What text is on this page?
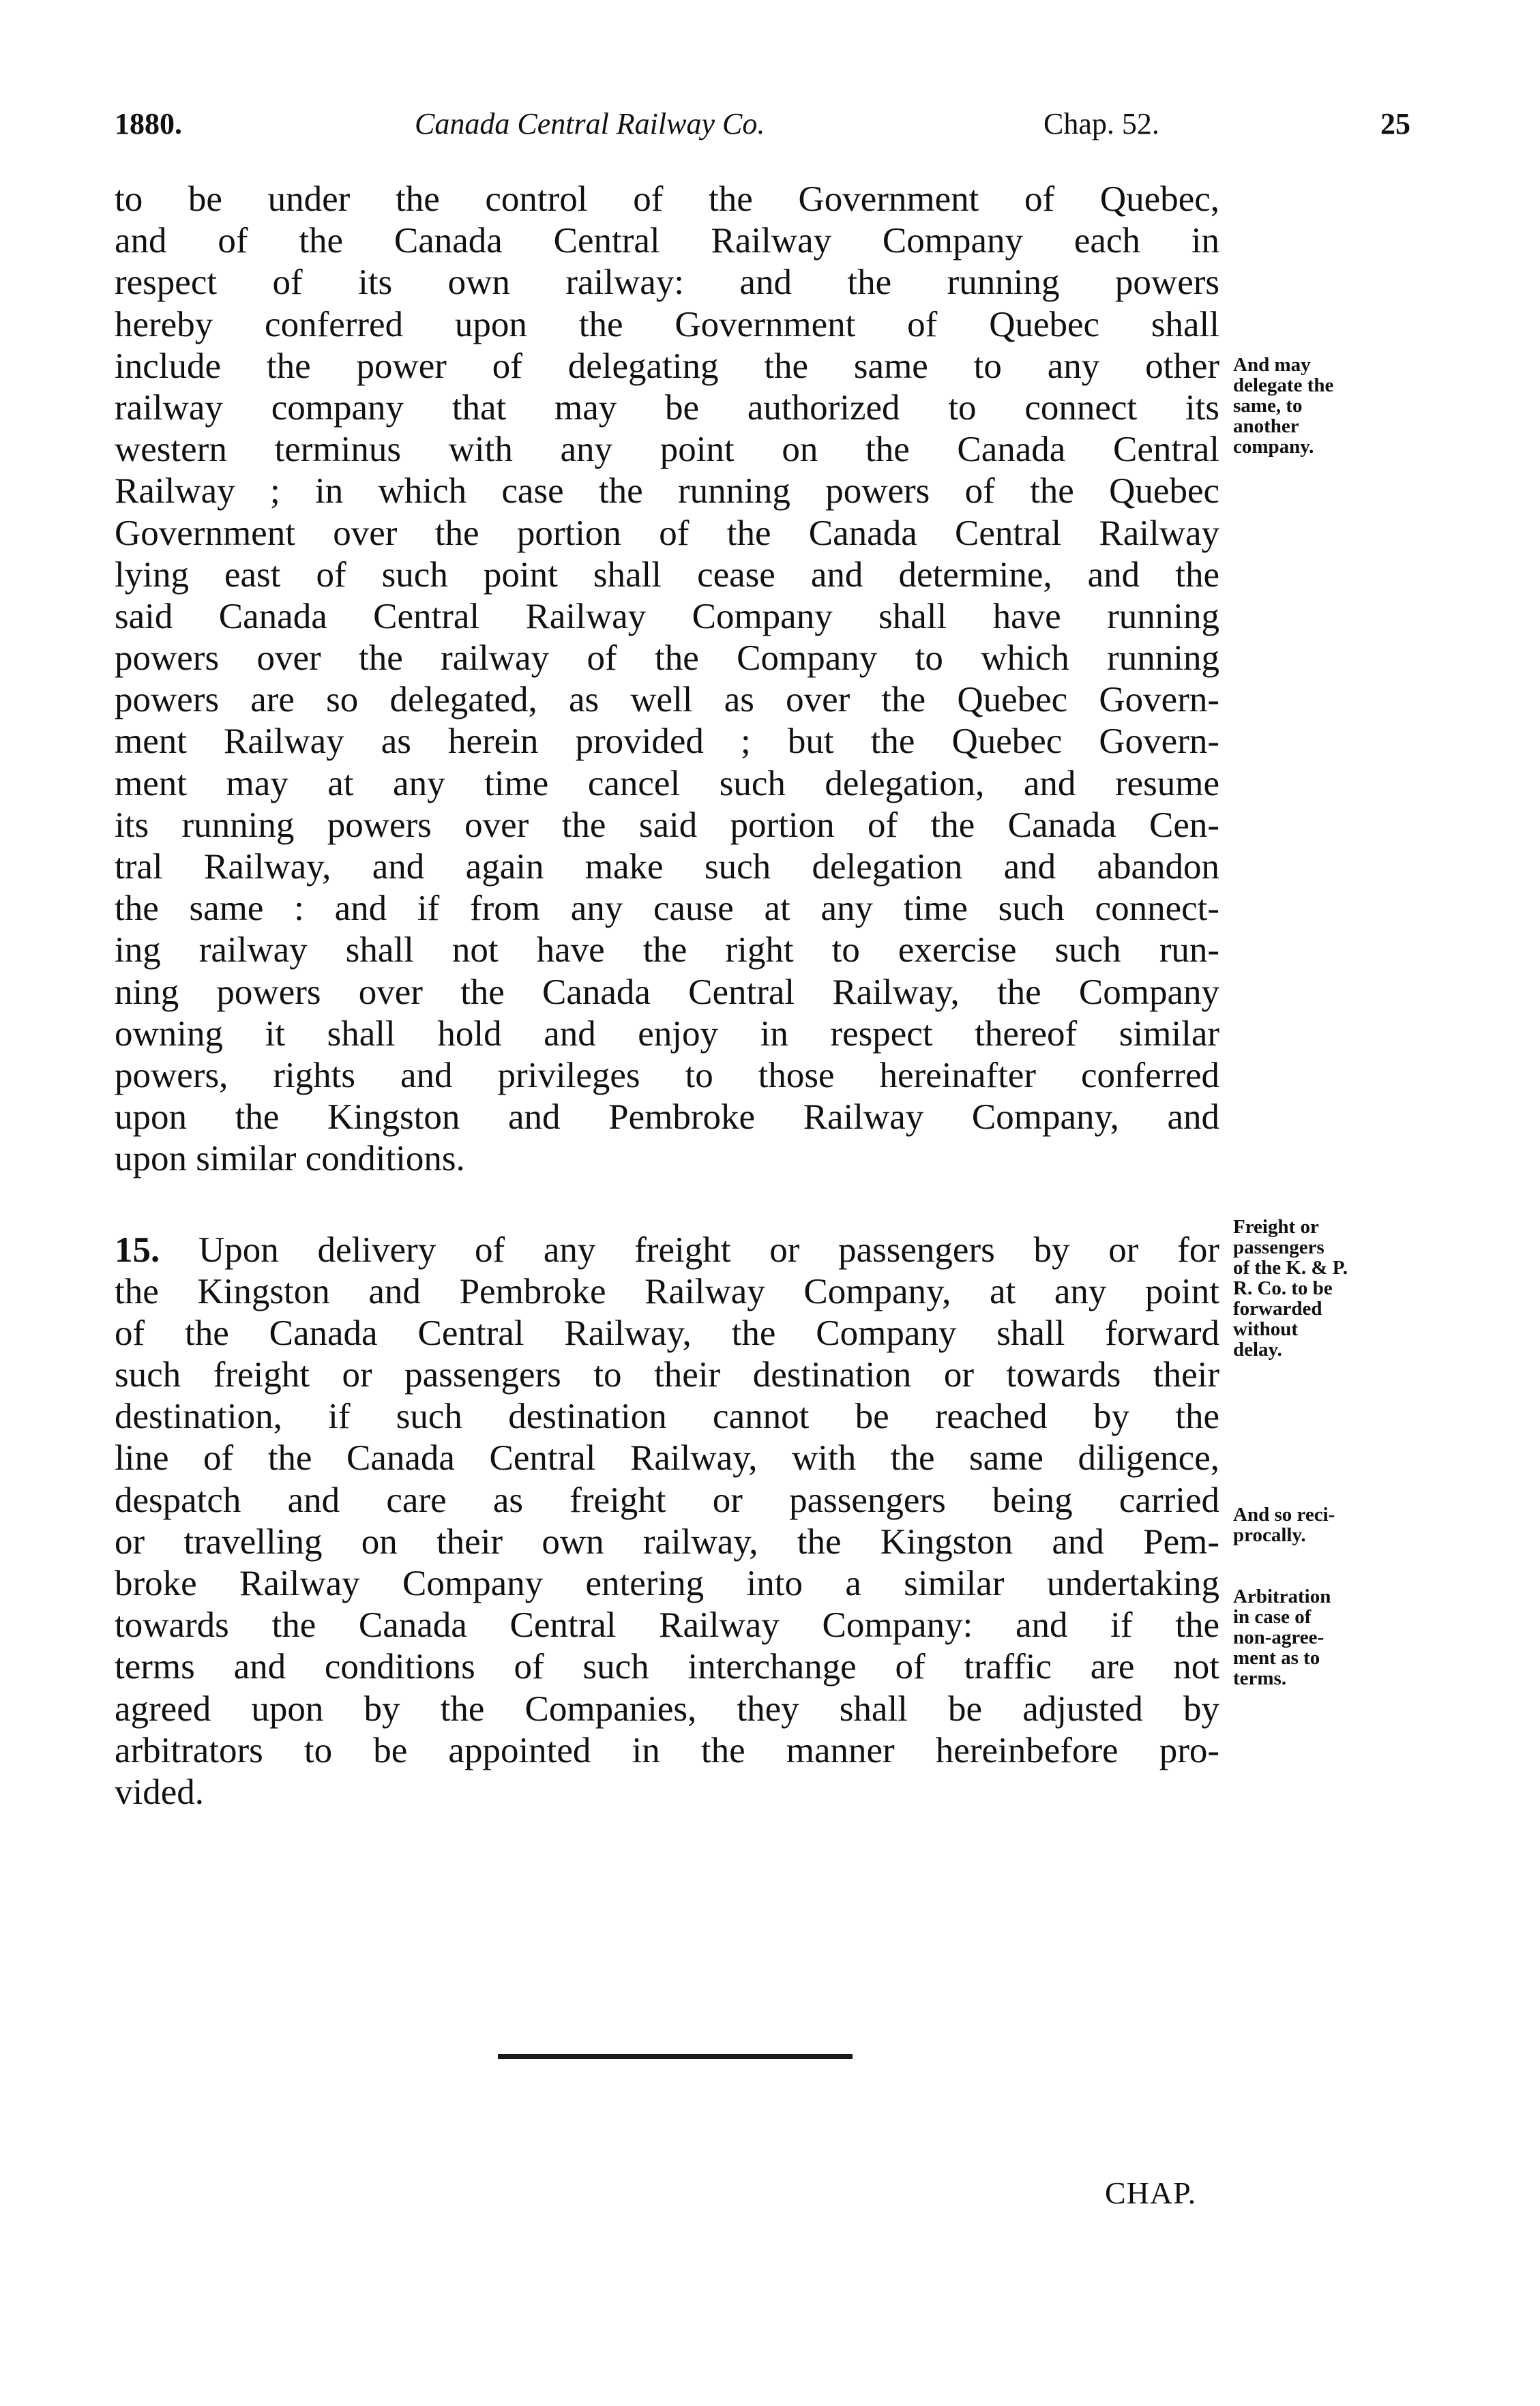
1880.	Canada Central Railway Co.	Chap. 52.	25
to be under the control of the Government of Quebec,
and of the Canada Central Railway Company each in
respect of its own railway: and the running powers
hereby conferred upon the Government of Quebec shall
include the power of delegating the same to any other
railway company that may be authorized to connect its
western terminus with any point on the Canada Central
Railway ; in which case the running powers of the Quebec
Government over the portion of the Canada Central Railway
lying east of such point shall cease and determine, and the
said Canada Central Railway Company shall have running
powers over the railway of the Company to which running
powers are so delegated, as well as over the Quebec Govern-
ment Railway as herein provided ; but the Quebec Govern-
ment may at any time cancel such delegation, and resume
its running powers over the said portion of the Canada Cen-
tral Railway, and again make such delegation and abandon
the same : and if from any cause at any time such connect-
ing railway shall not have the right to exercise such run-
ning powers over the Canada Central Railway, the Company
owning it shall hold and enjoy in respect thereof similar
powers, rights and privileges to those hereinafter conferred
upon the Kingston and Pembroke Railway Company, and
upon similar conditions.
15. Upon delivery of any freight or passengers by or for
the Kingston and Pembroke Railway Company, at any point
of the Canada Central Railway, the Company shall forward
such freight or passengers to their destination or towards their
destination, if such destination cannot be reached by the
line of the Canada Central Railway, with the same diligence,
despatch and care as freight or passengers being carried
or travelling on their own railway, the Kingston and Pem-
broke Railway Company entering into a similar undertaking
towards the Canada Central Railway Company: and if the
terms and conditions of such interchange of traffic are not
agreed upon by the Companies, they shall be adjusted by
arbitrators to be appointed in the manner hereinbefore pro-
vided.
And may
delegate the
same, to
another
company.
Freight or
passengers
of the K. & P.
R. Co. to be
forwarded
without
delay.
And so reci-
procally.
Arbitration
in case of
non-agree-
ment as to
terms.
CHAP.
